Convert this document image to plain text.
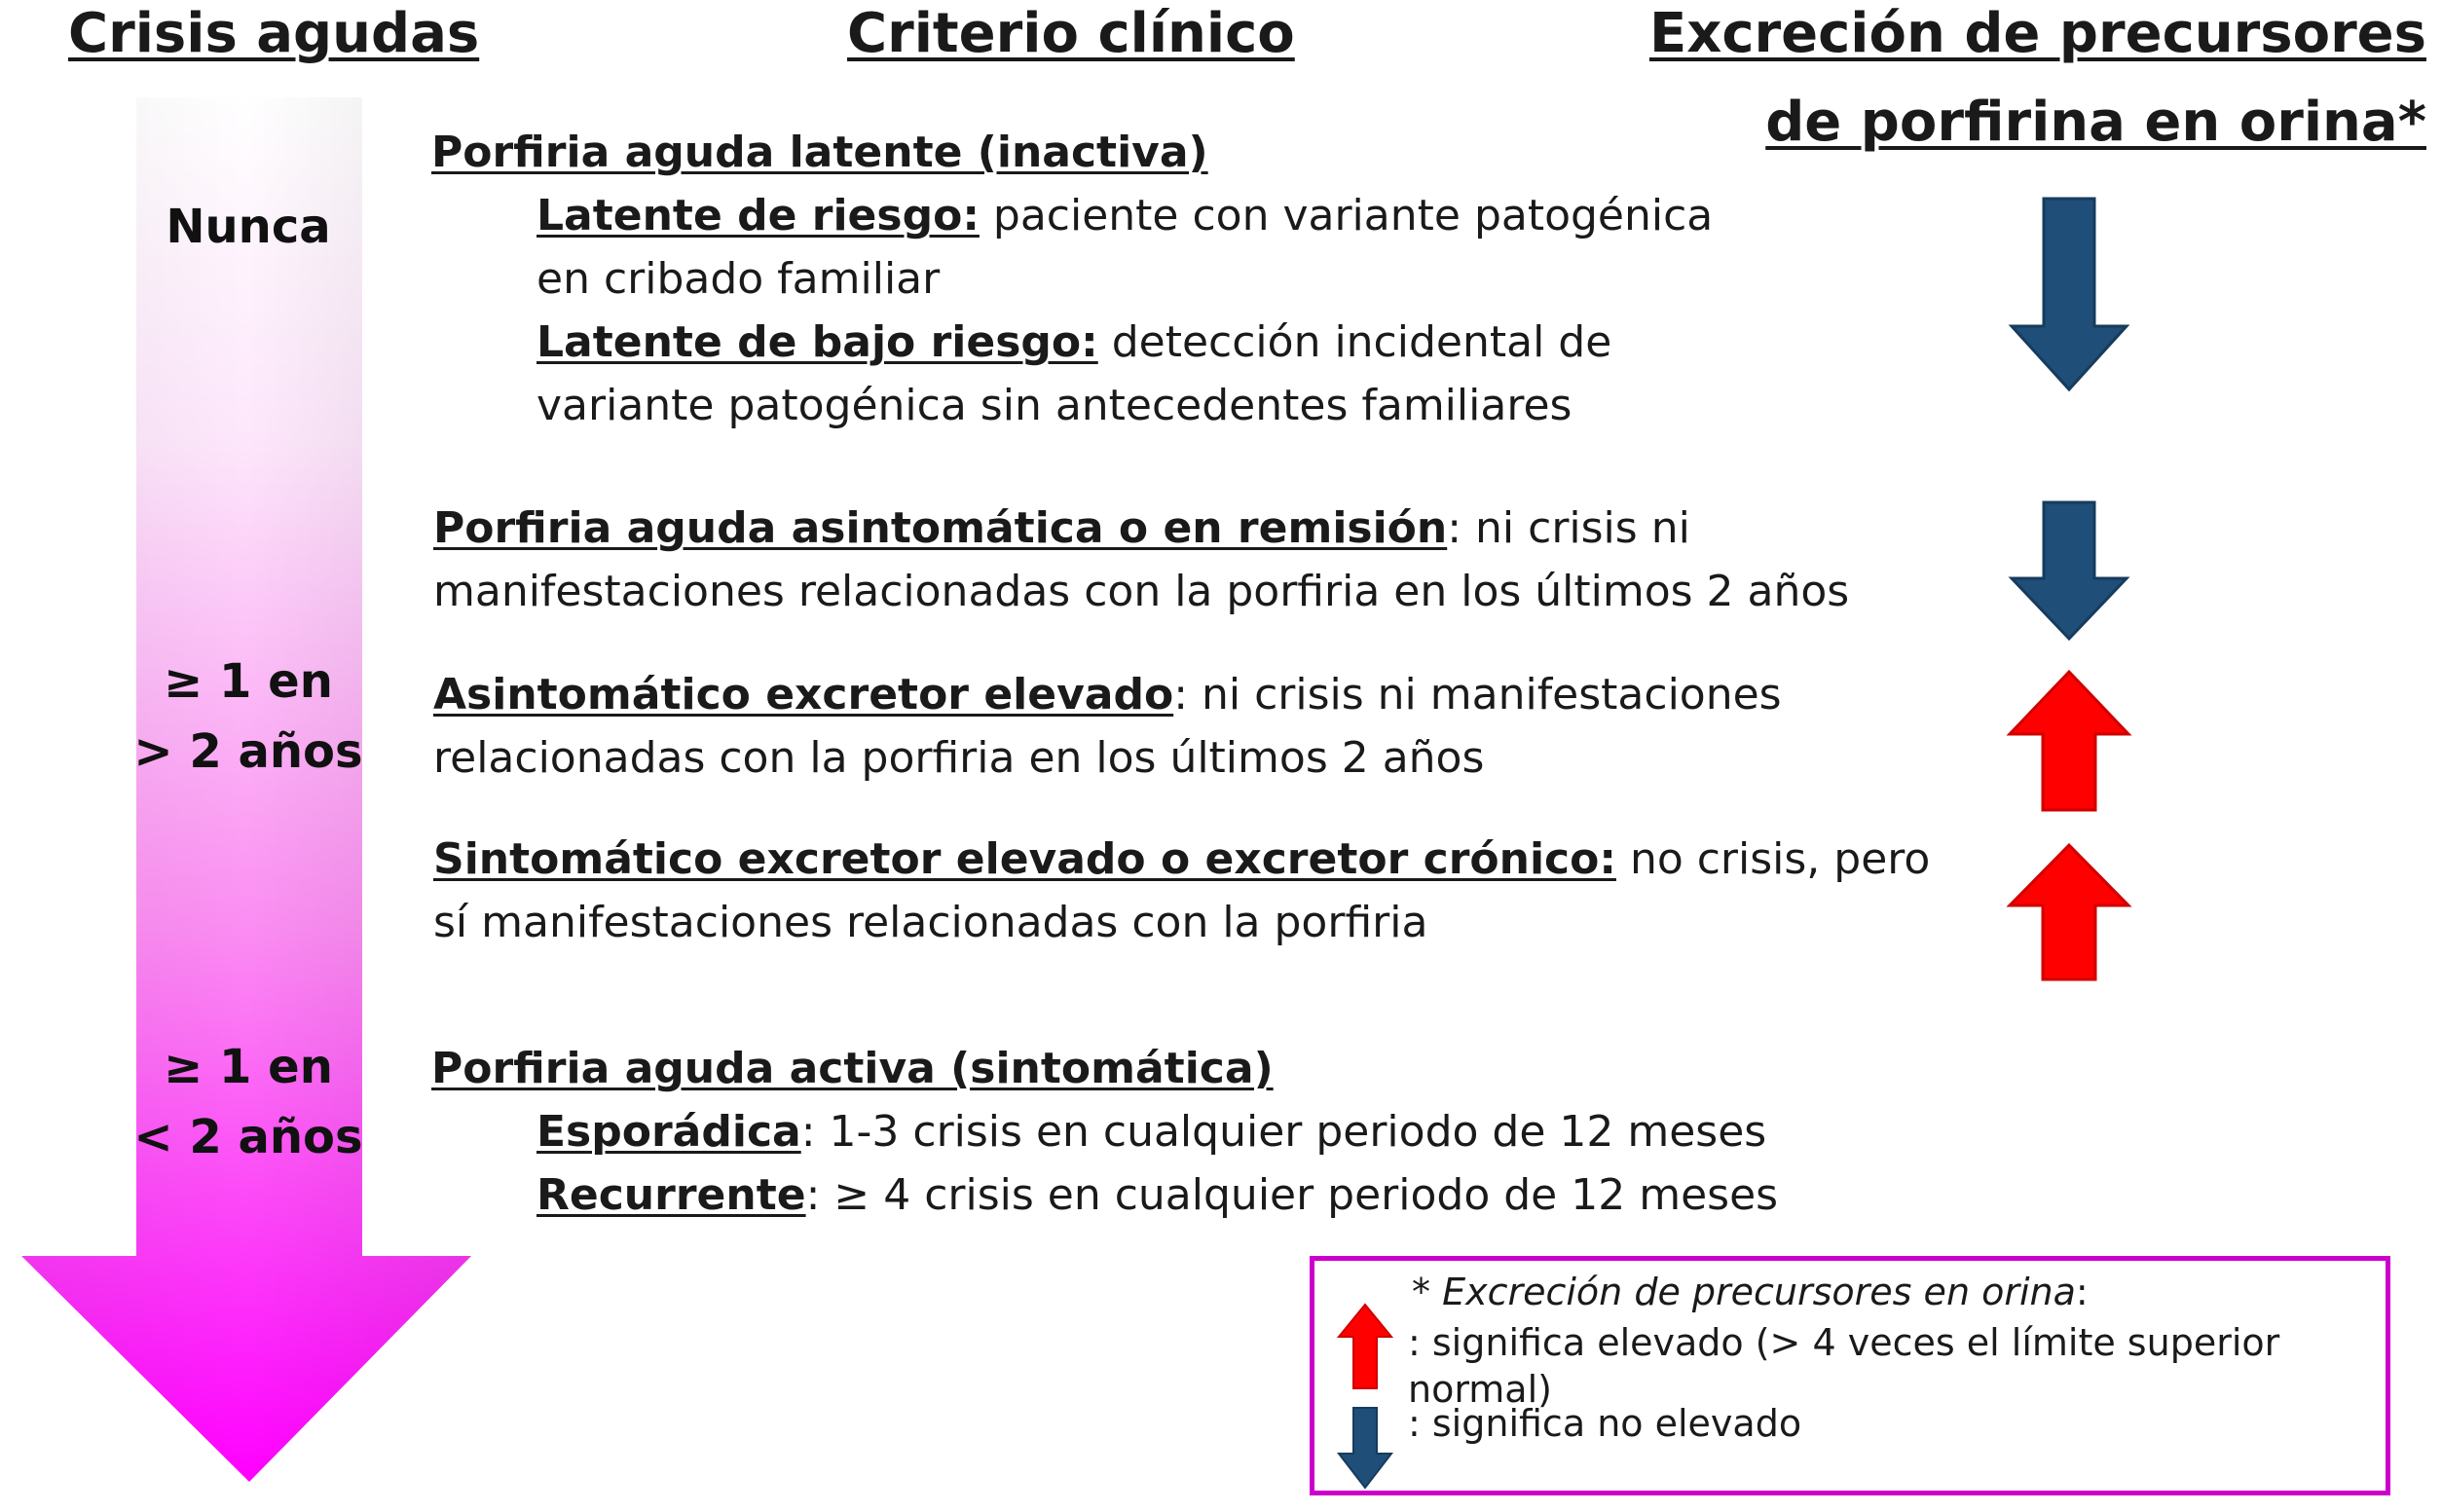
Crisis agudas	Criterio clínico	Excreción de precursores
de porfirina en orina*
Nunca
≥ 1 en
> 2 años
≥ 1 en
< 2 años

Porfiria aguda latente (inactiva)

Latente de riesgo: paciente con variante patogénica

en cribado familiar

Latente de bajo riesgo: detección incidental de

variante patogénica sin antecedentes familiares

Porfiria aguda asintomática o en remisión: ni crisis ni

manifestaciones relacionadas con la porfiria en los últimos 2 años

Asintomático excretor elevado: ni crisis ni manifestaciones

relacionadas con la porfiria en los últimos 2 años

Sintomático excretor elevado o excretor crónico: no crisis, pero

sí manifestaciones relacionadas con la porfiria

Porfiria aguda activa (sintomática)

Esporádica: 1-3 crisis en cualquier periodo de 12 meses

Recurrente: ≥ 4 crisis en cualquier periodo de 12 meses

* Excreción de precursores en orina:
: significa elevado (> 4 veces el límite superior normal)
: significa no elevado
